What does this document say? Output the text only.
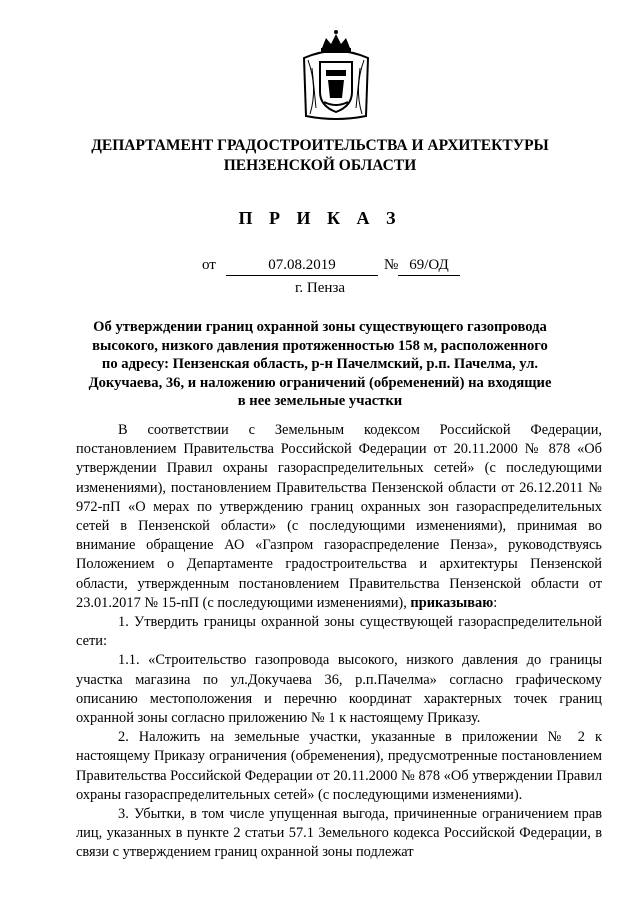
ДЕПАРТАМЕНТ ГРАДОСТРОИТЕЛЬСТВА И АРХИТЕКТУРЫ
ПЕНЗЕНСКОЙ ОБЛАСТИ
П Р И К А З
от	07.08.2019	№ 69/ОД
г. Пенза
Об утверждении границ охранной зоны существующего газопровода высокого, низкого давления протяженностью 158 м, расположенного по адресу: Пензенская область, р-н Пачелмский, р.п. Пачелма, ул. Докучаева, 36, и наложению ограничений (обременений) на входящие в нее земельные участки

В соответствии с Земельным кодексом Российской Федерации, постановлением Правительства Российской Федерации от 20.11.2000 № 878 «Об утверждении Правил охраны газораспределительных сетей» (с последующими изменениями), постановлением Правительства Пензенской области от 26.12.2011 № 972-пП «О мерах по утверждению границ охранных зон газораспределительных сетей в Пензенской области» (с последующими изменениями), принимая во внимание обращение АО «Газпром газораспределение Пенза», руководствуясь Положением о Департаменте градостроительства и архитектуры Пензенской области, утвержденным постановлением Правительства Пензенской области от 23.01.2017 № 15-пП (с последующими изменениями), приказываю:

1. Утвердить границы охранной зоны существующей газораспределительной сети:

1.1. «Строительство газопровода высокого, низкого давления до границы участка магазина по ул.Докучаева 36, р.п.Пачелма» согласно графическому описанию местоположения и перечню координат характерных точек границ охранной зоны согласно приложению № 1 к настоящему Приказу.

2. Наложить на земельные участки, указанные в приложении № 2 к настоящему Приказу ограничения (обременения), предусмотренные постановлением Правительства Российской Федерации от 20.11.2000 № 878 «Об утверждении Правил охраны газораспределительных сетей» (с последующими изменениями).

3. Убытки, в том числе упущенная выгода, причиненные ограничением прав лиц, указанных в пункте 2 статьи 57.1 Земельного кодекса Российской Федерации, в связи с утверждением границ охранной зоны подлежат
